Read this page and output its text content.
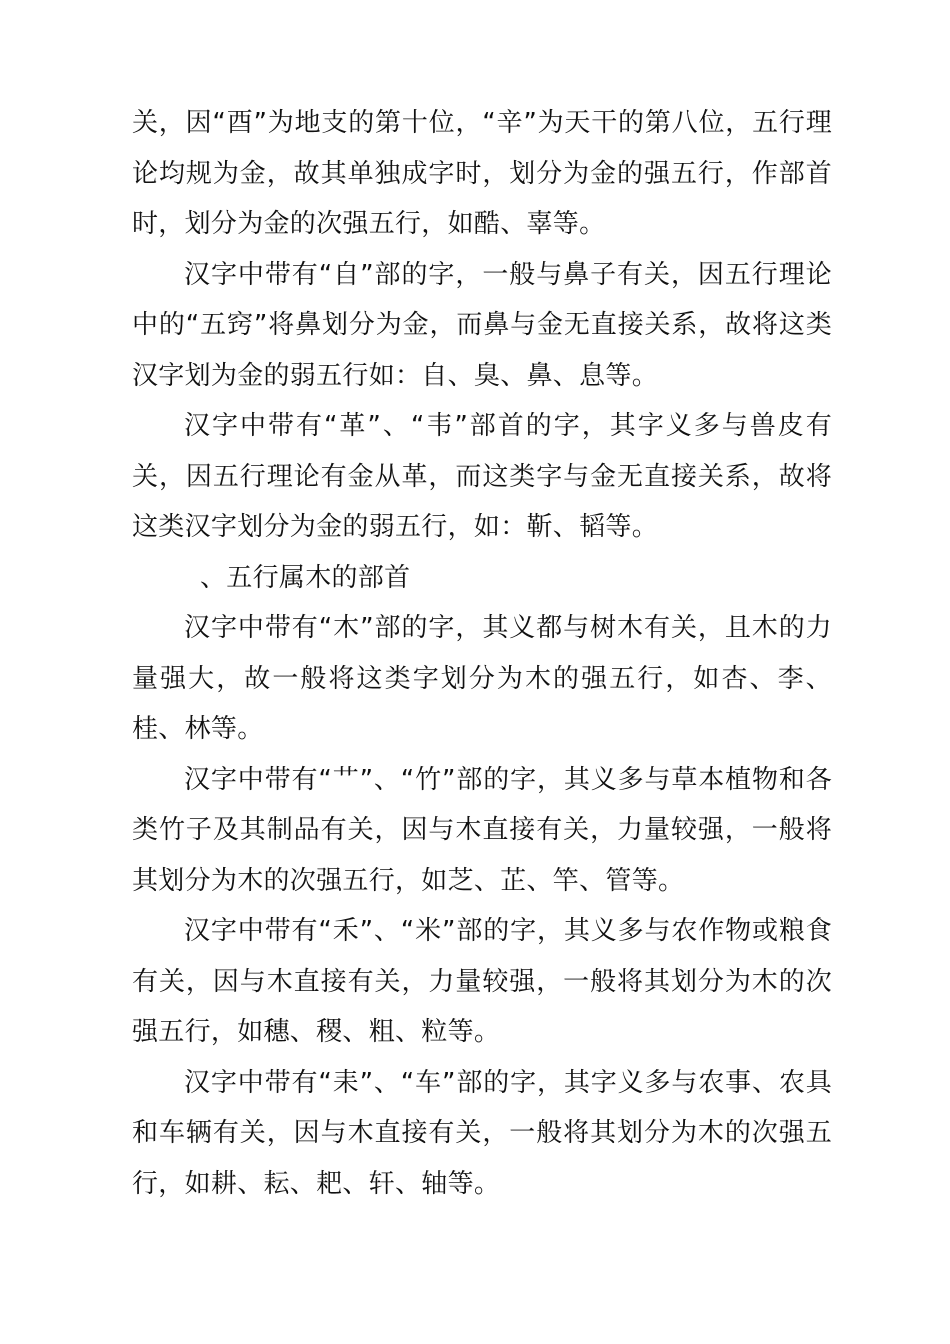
关，因“酉”为地支的第十位，“辛”为天干的第八位，五行理论均规为金，故其单独成字时，划分为金的强五行，作部首时，划分为金的次强五行，如酷、辜等。

汉字中带有“自”部的字，一般与鼻子有关，因五行理论中的“五窍”将鼻划分为金，而鼻与金无直接关系，故将这类汉字划为金的弱五行如：自、臭、鼻、息等。

汉字中带有“革”、“韦”部首的字，其字义多与兽皮有关，因五行理论有金从革，而这类字与金无直接关系，故将这类汉字划分为金的弱五行，如：靳、韬等。

、五行属木的部首

汉字中带有“木”部的字，其义都与树木有关，且木的力量强大，故一般将这类字划分为木的强五行，如杏、李、桂、林等。

汉字中带有“艹”、“竹”部的字，其义多与草本植物和各类竹子及其制品有关，因与木直接有关，力量较强，一般将其划分为木的次强五行，如芝、芷、竿、管等。

汉字中带有“禾”、“米”部的字，其义多与农作物或粮食有关，因与木直接有关，力量较强，一般将其划分为木的次强五行，如穗、稷、粗、粒等。

汉字中带有“耒”、“车”部的字，其字义多与农事、农具和车辆有关，因与木直接有关，一般将其划分为木的次强五行，如耕、耘、耙、轩、轴等。
